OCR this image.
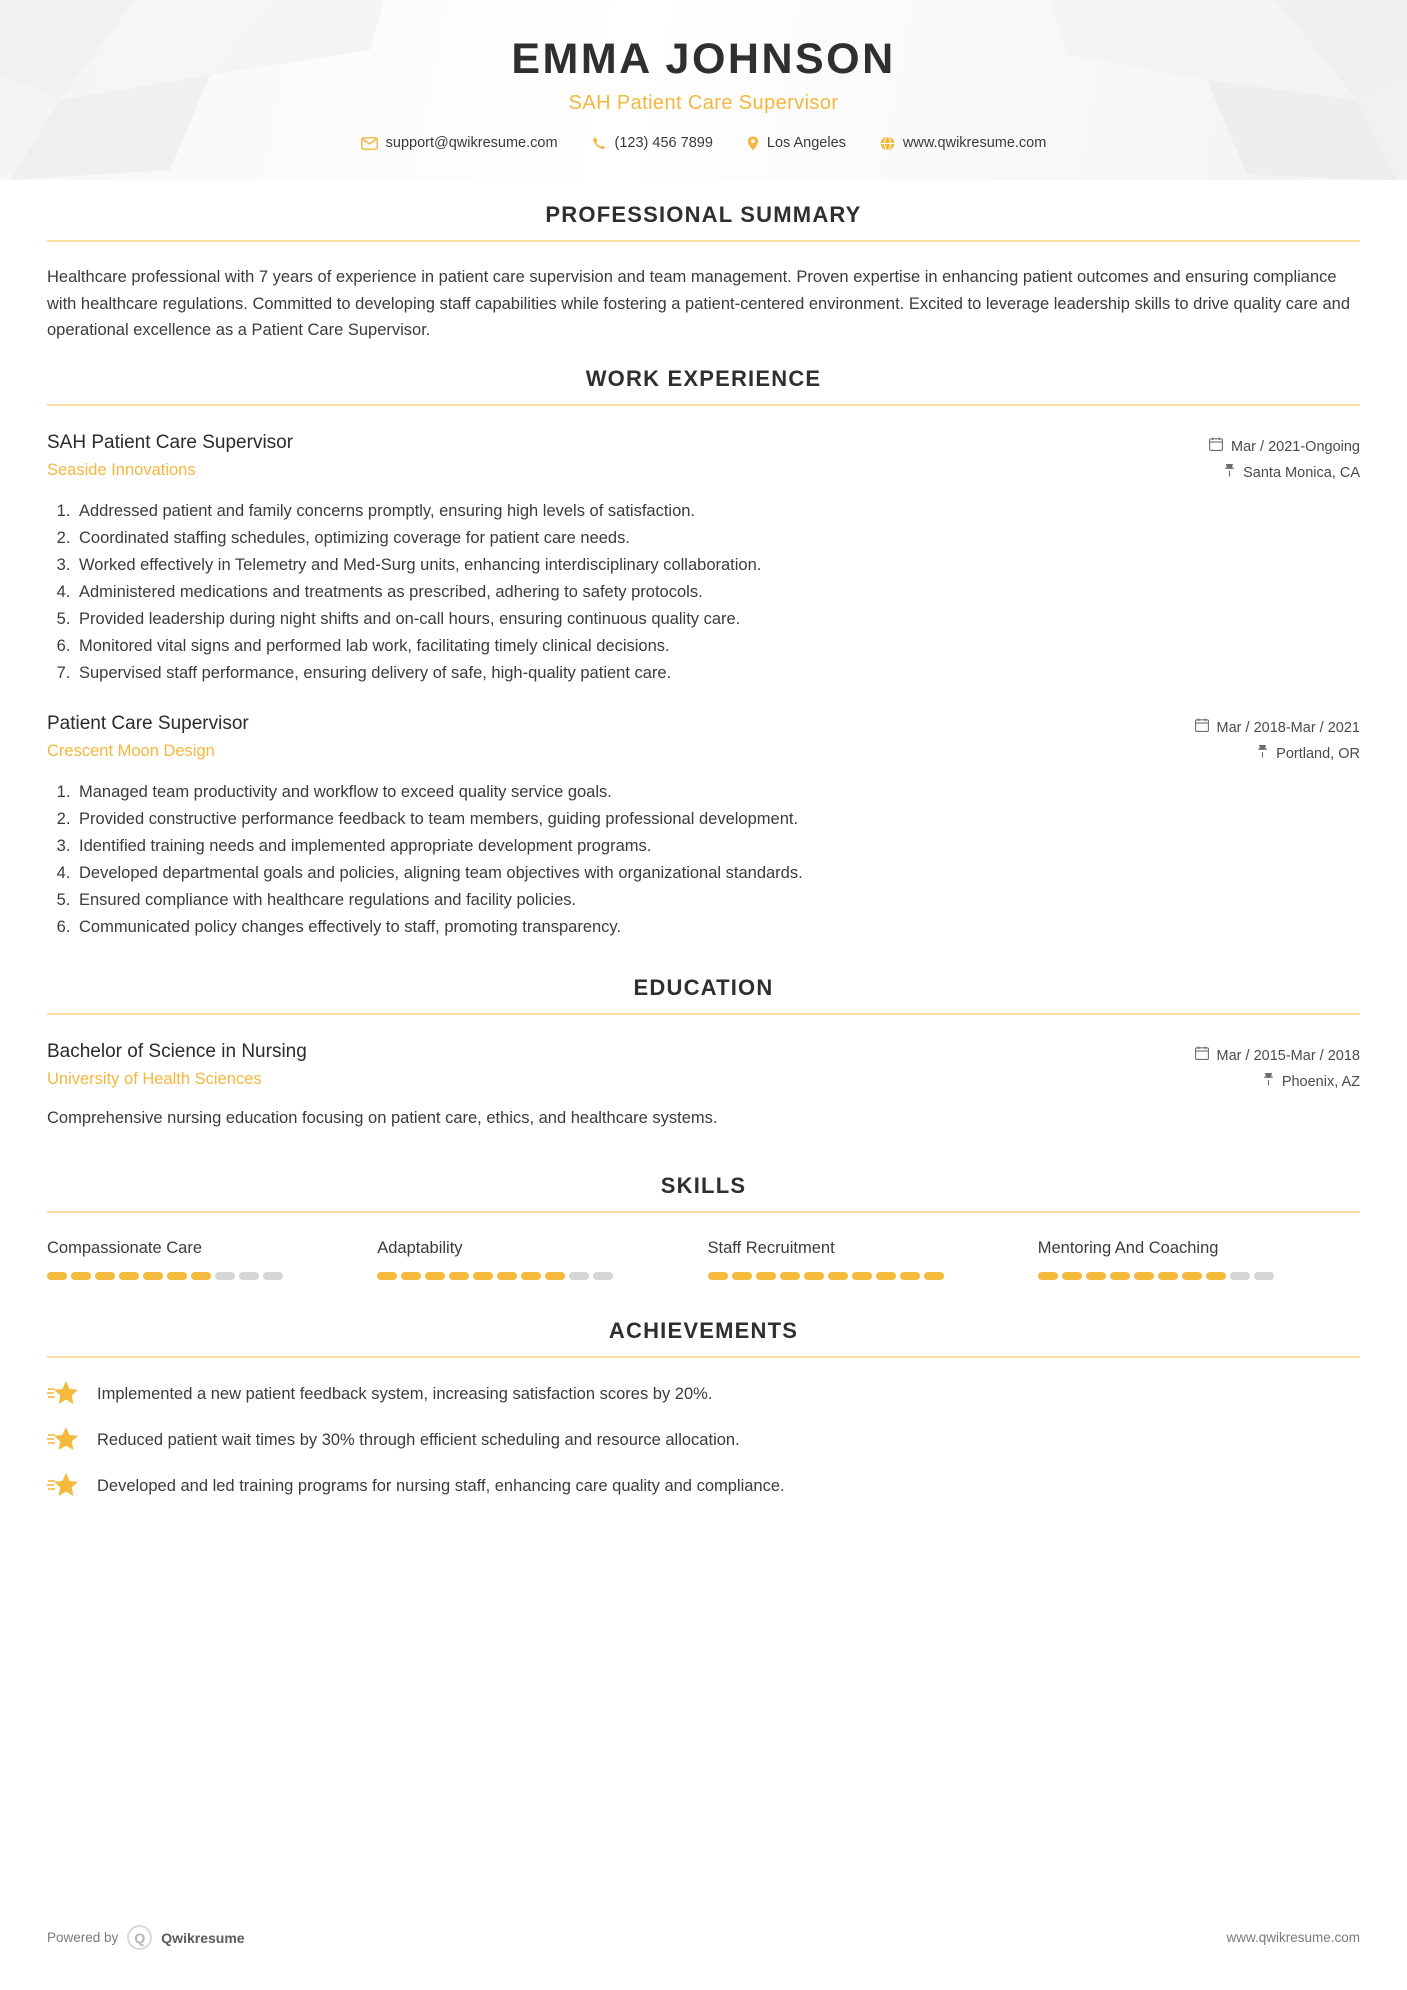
EMMA JOHNSON
SAH Patient Care Supervisor
support@qwikresume.com	(123) 456 7899	Los Angeles	www.qwikresume.com
PROFESSIONAL SUMMARY

Healthcare professional with 7 years of experience in patient care supervision and team management. Proven expertise in enhancing patient outcomes and ensuring compliance with healthcare regulations. Committed to developing staff capabilities while fostering a patient-centered environment. Excited to leverage leadership skills to drive quality care and operational excellence as a Patient Care Supervisor.

WORK EXPERIENCE
SAH Patient Care Supervisor
Seaside Innovations
Mar / 2021-Ongoing
Santa Monica, CA
1. Addressed patient and family concerns promptly, ensuring high levels of satisfaction.
2. Coordinated staffing schedules, optimizing coverage for patient care needs.
3. Worked effectively in Telemetry and Med-Surg units, enhancing interdisciplinary collaboration.
4. Administered medications and treatments as prescribed, adhering to safety protocols.
5. Provided leadership during night shifts and on-call hours, ensuring continuous quality care.
6. Monitored vital signs and performed lab work, facilitating timely clinical decisions.
7. Supervised staff performance, ensuring delivery of safe, high-quality patient care.
Patient Care Supervisor
Crescent Moon Design
Mar / 2018-Mar / 2021
Portland, OR
1. Managed team productivity and workflow to exceed quality service goals.
2. Provided constructive performance feedback to team members, guiding professional development.
3. Identified training needs and implemented appropriate development programs.
4. Developed departmental goals and policies, aligning team objectives with organizational standards.
5. Ensured compliance with healthcare regulations and facility policies.
6. Communicated policy changes effectively to staff, promoting transparency.
EDUCATION
Bachelor of Science in Nursing
University of Health Sciences
Mar / 2015-Mar / 2018
Phoenix, AZ
Comprehensive nursing education focusing on patient care, ethics, and healthcare systems.
SKILLS
Compassionate Care	Adaptability	Staff Recruitment	Mentoring And Coaching
ACHIEVEMENTS
Implemented a new patient feedback system, increasing satisfaction scores by 20%.
Reduced patient wait times by 30% through efficient scheduling and resource allocation.
Developed and led training programs for nursing staff, enhancing care quality and compliance.
Powered by	Q	Qwikresume	www.qwikresume.com
